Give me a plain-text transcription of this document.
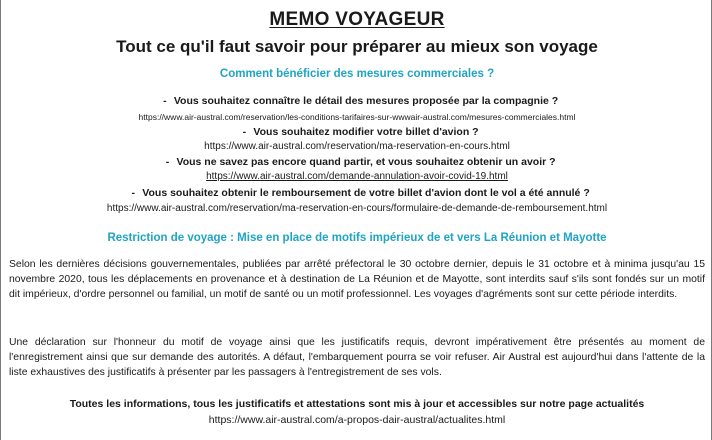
MEMO VOYAGEUR
Tout ce qu'il faut savoir pour préparer au mieux son voyage
Comment bénéficier des mesures commerciales ?
- Vous souhaitez connaître le détail des mesures proposée par la compagnie ?
https://www.air-austral.com/reservation/les-conditions-tarifaires-sur-wwwair-austral.com/mesures-commerciales.html
- Vous souhaitez modifier votre billet d'avion ?
https://www.air-austral.com/reservation/ma-reservation-en-cours.html
- Vous ne savez pas encore quand partir, et vous souhaitez obtenir un avoir ?
https://www.air-austral.com/demande-annulation-avoir-covid-19.html
- Vous souhaitez obtenir le remboursement de votre billet d'avion dont le vol a été annulé ?
https://www.air-austral.com/reservation/ma-reservation-en-cours/formulaire-de-demande-de-remboursement.html
Restriction de voyage : Mise en place de motifs impérieux de et vers La Réunion et Mayotte
Selon les dernières décisions gouvernementales, publiées par arrêté préfectoral le 30 octobre dernier, depuis le 31 octobre et à minima jusqu'au 15 novembre 2020, tous les déplacements en provenance et à destination de La Réunion et de Mayotte, sont interdits sauf s'ils sont fondés sur un motif dit impérieux, d'ordre personnel ou familial, un motif de santé ou un motif professionnel. Les voyages d'agréments sont sur cette période interdits.
Une déclaration sur l'honneur du motif de voyage ainsi que les justificatifs requis, devront impérativement être présentés au moment de l'enregistrement ainsi que sur demande des autorités. A défaut, l'embarquement pourra se voir refuser. Air Austral est aujourd'hui dans l'attente de la liste exhaustives des justificatifs à présenter par les passagers à l'entregistrement de ses vols.
Toutes les informations, tous les justificatifs et attestations sont mis à jour et accessibles sur notre page actualités
https://www.air-austral.com/a-propos-dair-austral/actualites.html
